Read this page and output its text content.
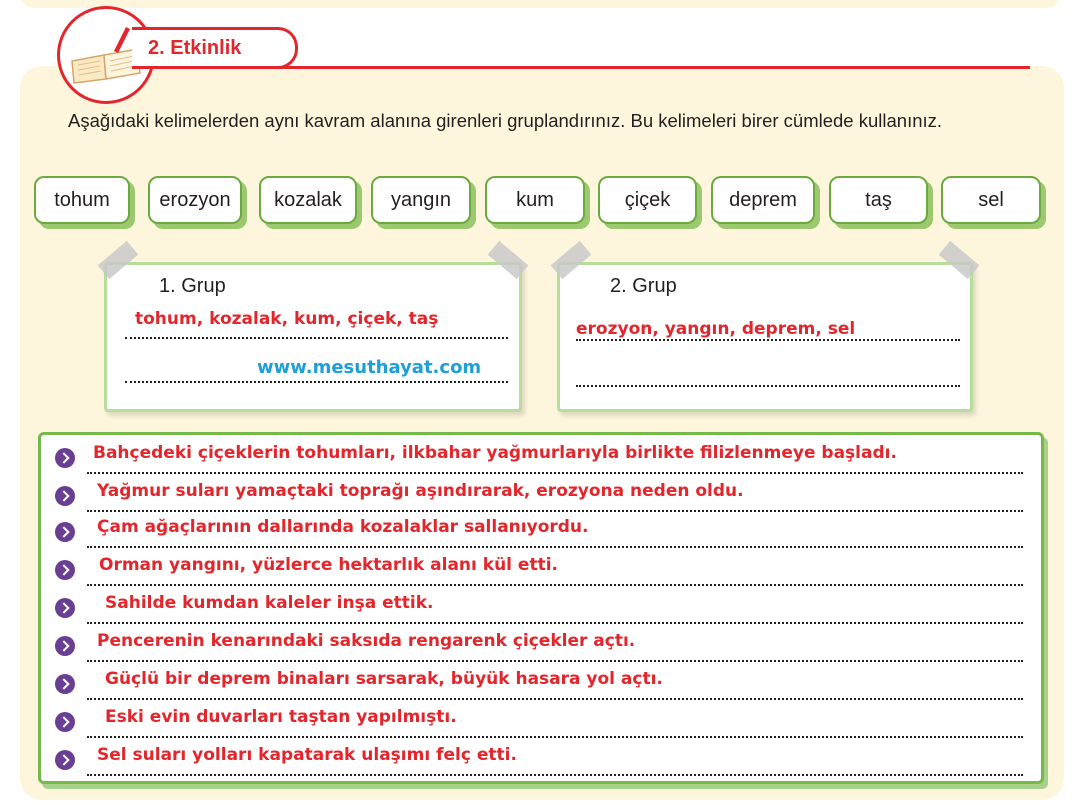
2. Etkinlik
Aşağıdaki kelimelerden aynı kavram alanına girenleri gruplandırınız. Bu kelimeleri birer cümlede kullanınız.
tohum	erozyon	kozalak	yangın	kum	çiçek	deprem	taş	sel
1. Grup
tohum, kozalak, kum, çiçek, taş
www.mesuthayat.com
2. Grup
erozyon, yangın, deprem, sel
Bahçedeki çiçeklerin tohumları, ilkbahar yağmurlarıyla birlikte filizlenmeye başladı.
Yağmur suları yamaçtaki toprağı aşındırarak, erozyona neden oldu.
Çam ağaçlarının dallarında kozalaklar sallanıyordu.
Orman yangını, yüzlerce hektarlık alanı kül etti.
Sahilde kumdan kaleler inşa ettik.
Pencerenin kenarındaki saksıda rengarenk çiçekler açtı.
Güçlü bir deprem binaları sarsarak, büyük hasara yol açtı.
Eski evin duvarları taştan yapılmıştı.
Sel suları yolları kapatarak ulaşımı felç etti.
